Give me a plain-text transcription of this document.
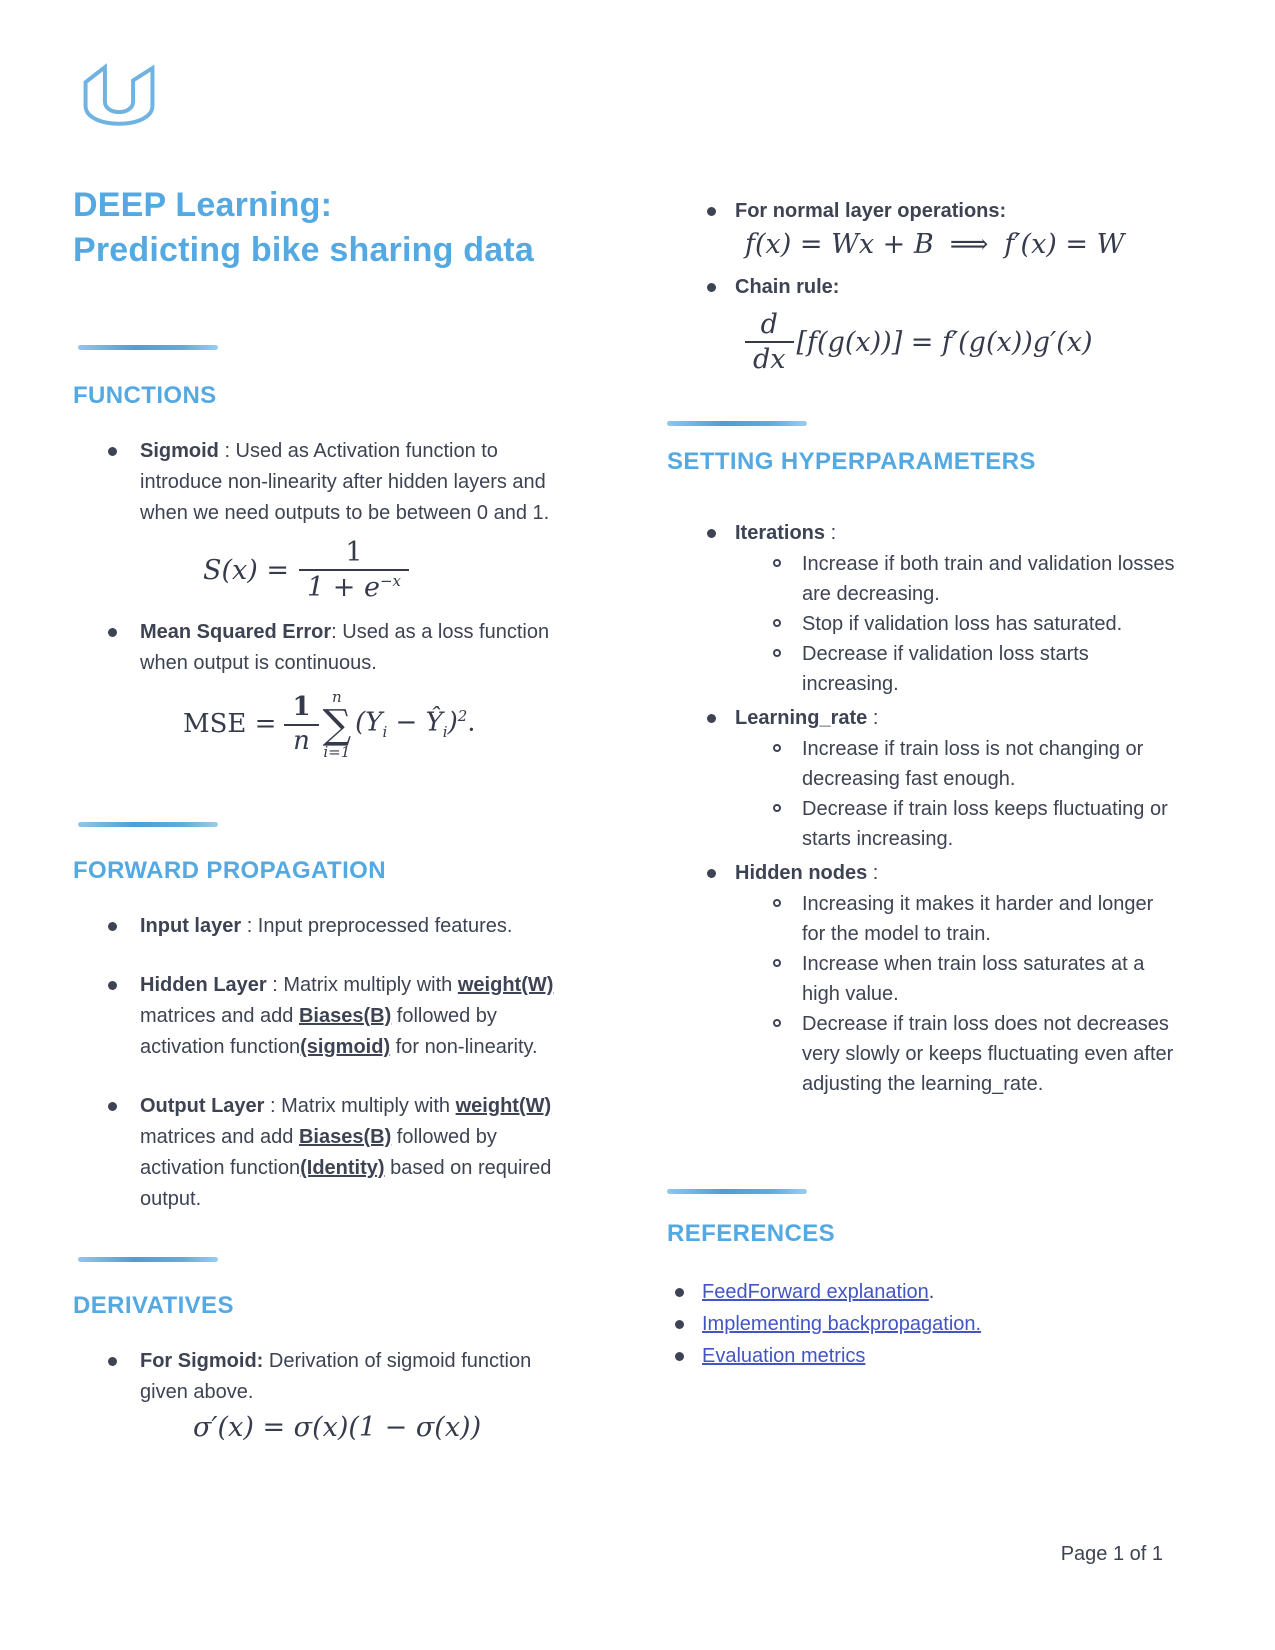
DEEP Learning:
Predicting bike sharing data
FUNCTIONS
Sigmoid : Used as Activation function to introduce non-linearity after hidden layers and when we need outputs to be between 0 and 1.
$S(x) = \frac{1}{1 + e^{-x}}$
Mean Squared Error: Used as a loss function when output is continuous.
MSE = $\frac{1}{n}$ n
∑
i=1
($Y_i$ − $Ŷ_i)^2$.
FORWARD PROPAGATION
Input layer : Input preprocessed features.
Hidden Layer : Matrix multiply with weight(W) matrices and add Biases(B) followed by activation function(sigmoid) for non-linearity.
Output Layer : Matrix multiply with weight(W) matrices and add Biases(B) followed by activation function(Identity) based on required output.
DERIVATIVES
For Sigmoid: Derivation of sigmoid function given above.
σ′(x) = σ(x)(1 − σ(x))
For normal layer operations:
f(x) = Wx + B ⟹ f′(x) = W
Chain rule:
$\frac{d}{dx} [f(g(x))] = f'(g(x))g'(x)$
SETTING HYPERPARAMETERS
Iterations :
Increase if both train and validation losses are decreasing.
Stop if validation loss has saturated.
Decrease if validation loss starts increasing.
Learning_rate :
Increase if train loss is not changing or decreasing fast enough.
Decrease if train loss keeps fluctuating or starts increasing.
Hidden nodes :
Increasing it makes it harder and longer for the model to train.
Increase when train loss saturates at a high value.
Decrease if train loss does not decreases very slowly or keeps fluctuating even after adjusting the learning_rate.
REFERENCES
FeedForward explanation.
Implementing backpropagation.
Evaluation metrics
Page 1 of 1
